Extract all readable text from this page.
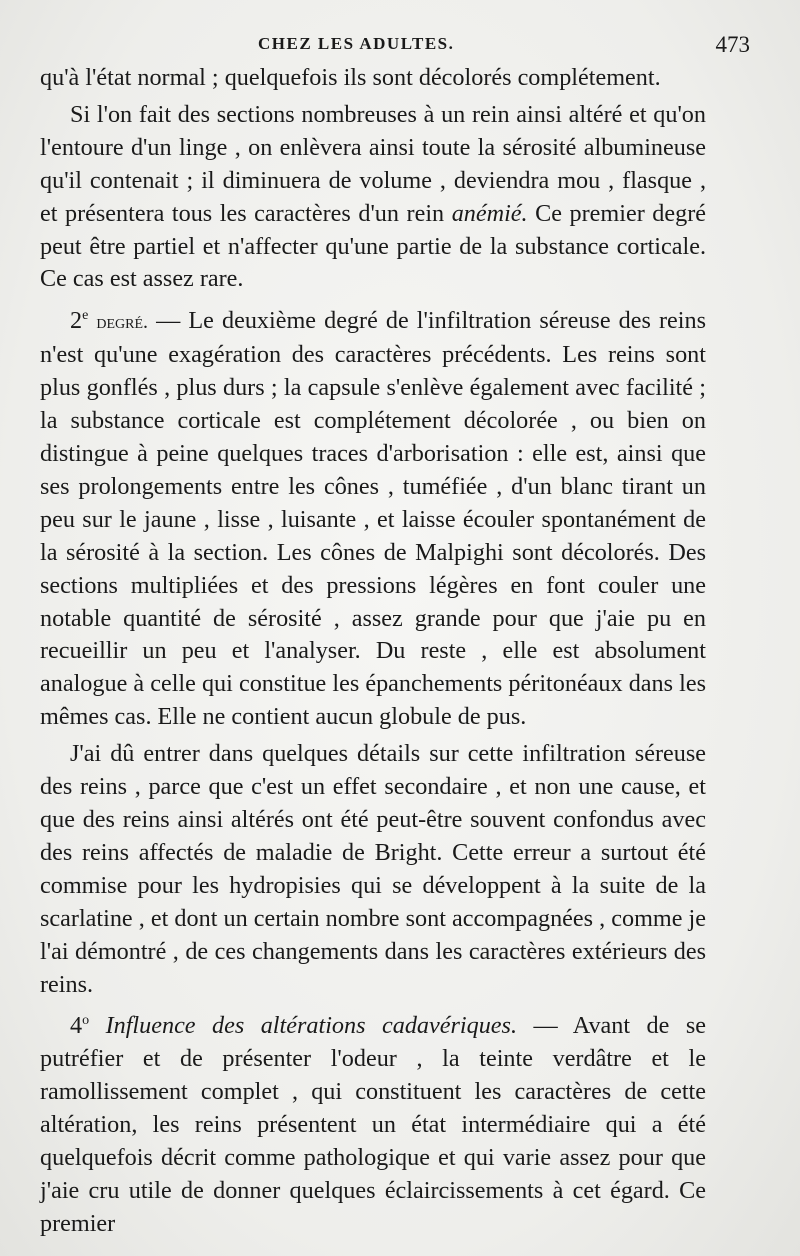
CHEZ LES ADULTES.	473

qu'à l'état normal ; quelquefois ils sont décolorés complétement.

Si l'on fait des sections nombreuses à un rein ainsi altéré et qu'on l'entoure d'un linge , on enlèvera ainsi toute la sérosité albumineuse qu'il contenait ; il diminuera de volume , deviendra mou , flasque , et présentera tous les caractères d'un rein anémié. Ce premier degré peut être partiel et n'affecter qu'une partie de la substance corticale. Ce cas est assez rare.

2e degré. — Le deuxième degré de l'infiltration séreuse des reins n'est qu'une exagération des caractères précédents. Les reins sont plus gonflés , plus durs ; la capsule s'enlève également avec facilité ; la substance corticale est complétement décolorée , ou bien on distingue à peine quelques traces d'arborisation : elle est, ainsi que ses prolongements entre les cônes , tuméfiée , d'un blanc tirant un peu sur le jaune , lisse , luisante , et laisse écouler spontanément de la sérosité à la section. Les cônes de Malpighi sont décolorés. Des sections multipliées et des pressions légères en font couler une notable quantité de sérosité , assez grande pour que j'aie pu en recueillir un peu et l'analyser. Du reste , elle est absolument analogue à celle qui constitue les épanchements péritonéaux dans les mêmes cas. Elle ne contient aucun globule de pus.

J'ai dû entrer dans quelques détails sur cette infiltration séreuse des reins , parce que c'est un effet secondaire , et non une cause, et que des reins ainsi altérés ont été peut-être souvent confondus avec des reins affectés de maladie de Bright. Cette erreur a surtout été commise pour les hydropisies qui se développent à la suite de la scarlatine , et dont un certain nombre sont accompagnées , comme je l'ai démontré , de ces changements dans les caractères extérieurs des reins.

4$^o$ Influence des altérations cadavériques. — Avant de se putréfier et de présenter l'odeur , la teinte verdâtre et le ramollissement complet , qui constituent les caractères de cette altération, les reins présentent un état intermédiaire qui a été quelquefois décrit comme pathologique et qui varie assez pour que j'aie cru utile de donner quelques éclaircissements à cet égard. Ce premier
